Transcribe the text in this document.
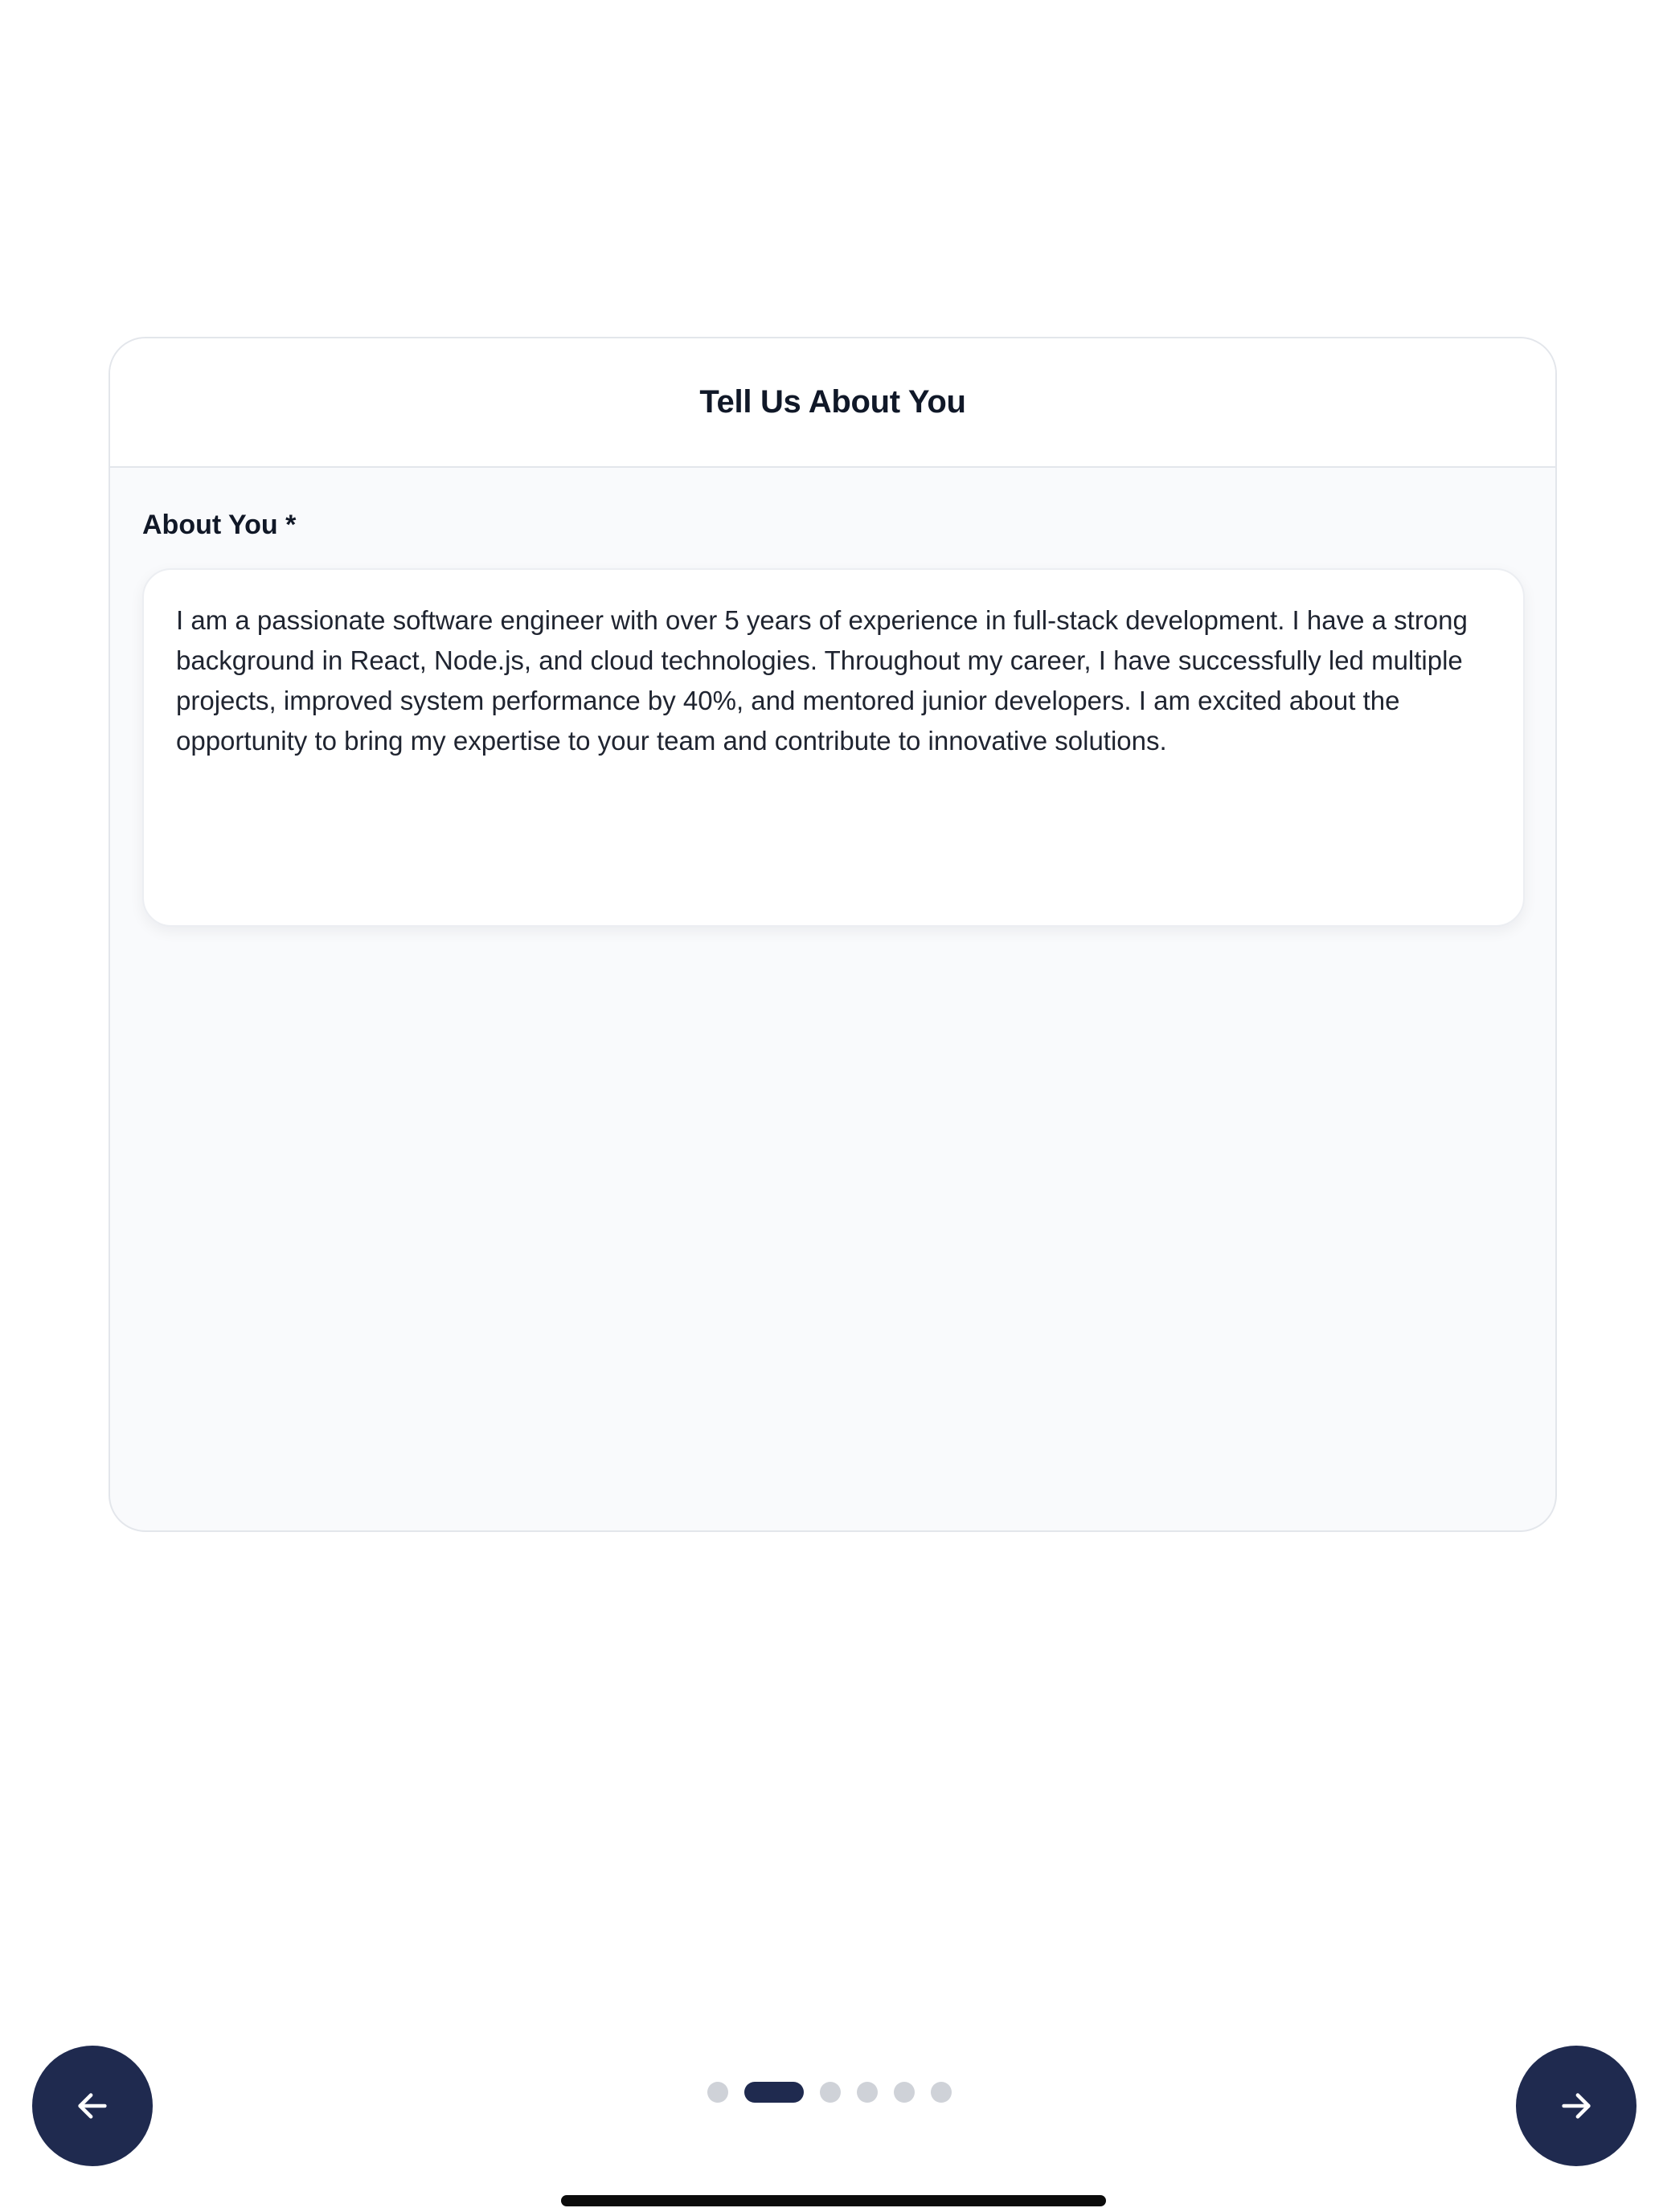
Tell Us About You
About You *
I am a passionate software engineer with over 5 years of experience in full-stack development. I have a strong background in React, Node.js, and cloud technologies. Throughout my career, I have successfully led multiple projects, improved system performance by 40%, and mentored junior developers. I am excited about the opportunity to bring my expertise to your team and contribute to innovative solutions.
